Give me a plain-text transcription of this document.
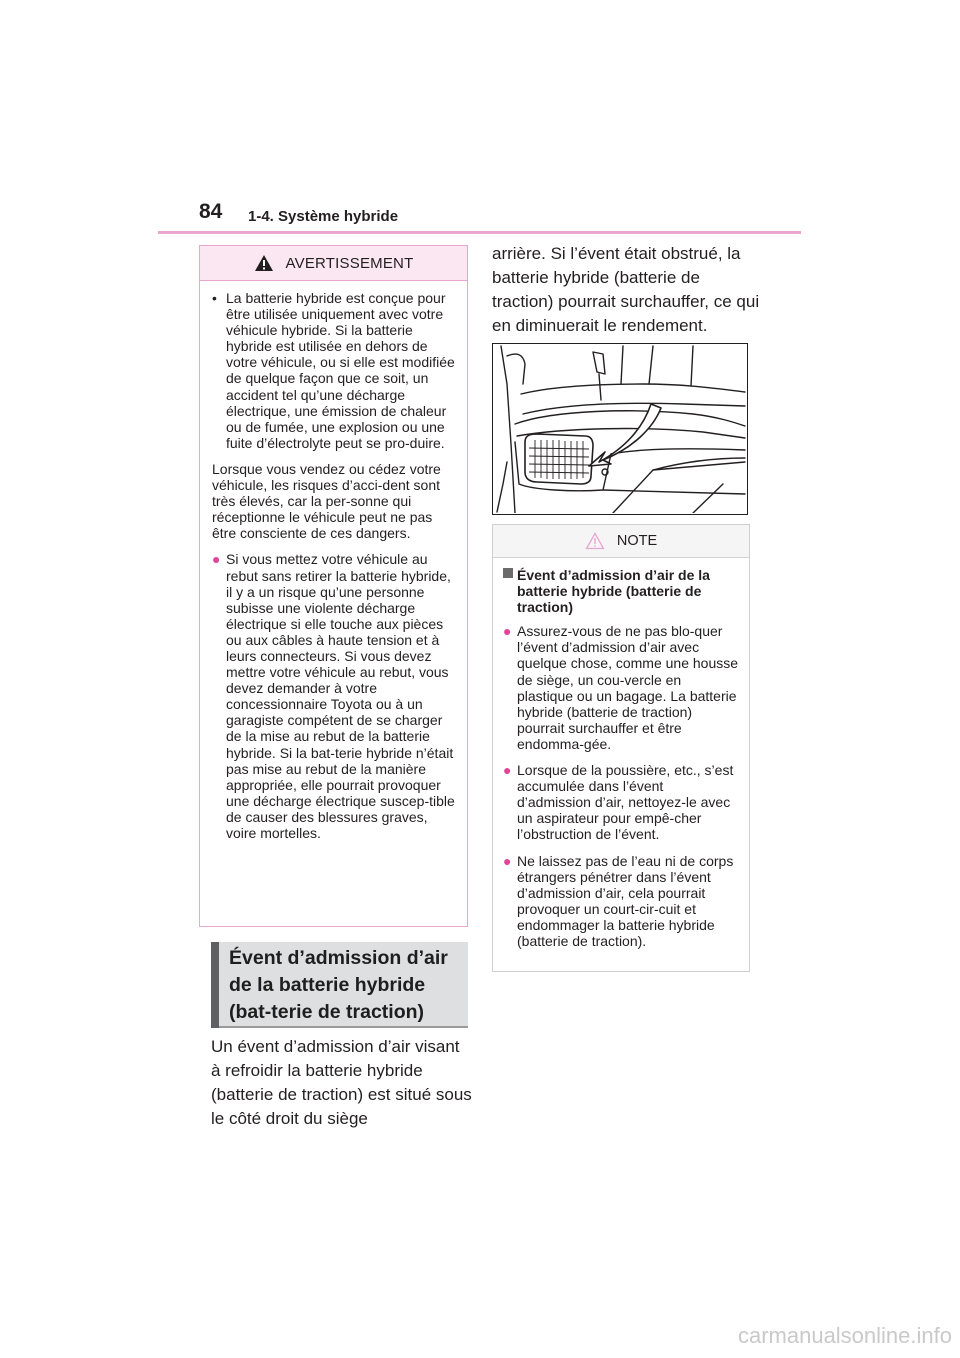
84 1-4. Système hybride
AVERTISSEMENT
• La batterie hybride est conçue pour être utilisée uniquement avec votre véhicule hybride. Si la batterie hybride est utilisée en dehors de votre véhicule, ou si elle est modifiée de quelque façon que ce soit, un accident tel qu’une décharge électrique, une émission de chaleur ou de fumée, une explosion ou une fuite d’électrolyte peut se pro-duire.
Lorsque vous vendez ou cédez votre véhicule, les risques d’acci-dent sont très élevés, car la per-sonne qui réceptionne le véhicule peut ne pas être consciente de ces dangers.
● Si vous mettez votre véhicule au rebut sans retirer la batterie hybride, il y a un risque qu’une personne subisse une violente décharge électrique si elle touche aux pièces ou aux câbles à haute tension et à leurs connecteurs. Si vous devez mettre votre véhicule au rebut, vous devez demander à votre concessionnaire Toyota ou à un garagiste compétent de se charger de la mise au rebut de la batterie hybride. Si la bat-terie hybride n’était pas mise au rebut de la manière appropriée, elle pourrait provoquer une décharge électrique suscep-tible de causer des blessures graves, voire mortelles.
Évent d’admission d’air de la batterie hybride (bat-terie de traction)
Un évent d’admission d’air visant à refroidir la batterie hybride (batterie de traction) est situé sous le côté droit du siège
arrière. Si l’évent était obstrué, la batterie hybride (batterie de traction) pourrait surchauffer, ce qui en diminuerait le rendement.
NOTE
Évent d’admission d’air de la batterie hybride (batterie de traction)
● Assurez-vous de ne pas blo-quer l’évent d’admission d’air avec quelque chose, comme une housse de siège, un cou-vercle en plastique ou un bagage. La batterie hybride (batterie de traction) pourrait surchauffer et être endomma-gée.
● Lorsque de la poussière, etc., s’est accumulée dans l’évent d’admission d’air, nettoyez-le avec un aspirateur pour empê-cher l’obstruction de l’évent.
● Ne laissez pas de l’eau ni de corps étrangers pénétrer dans l’évent d’admission d’air, cela pourrait provoquer un court-cir-cuit et endommager la batterie hybride (batterie de traction).
carmanualsonline.info
